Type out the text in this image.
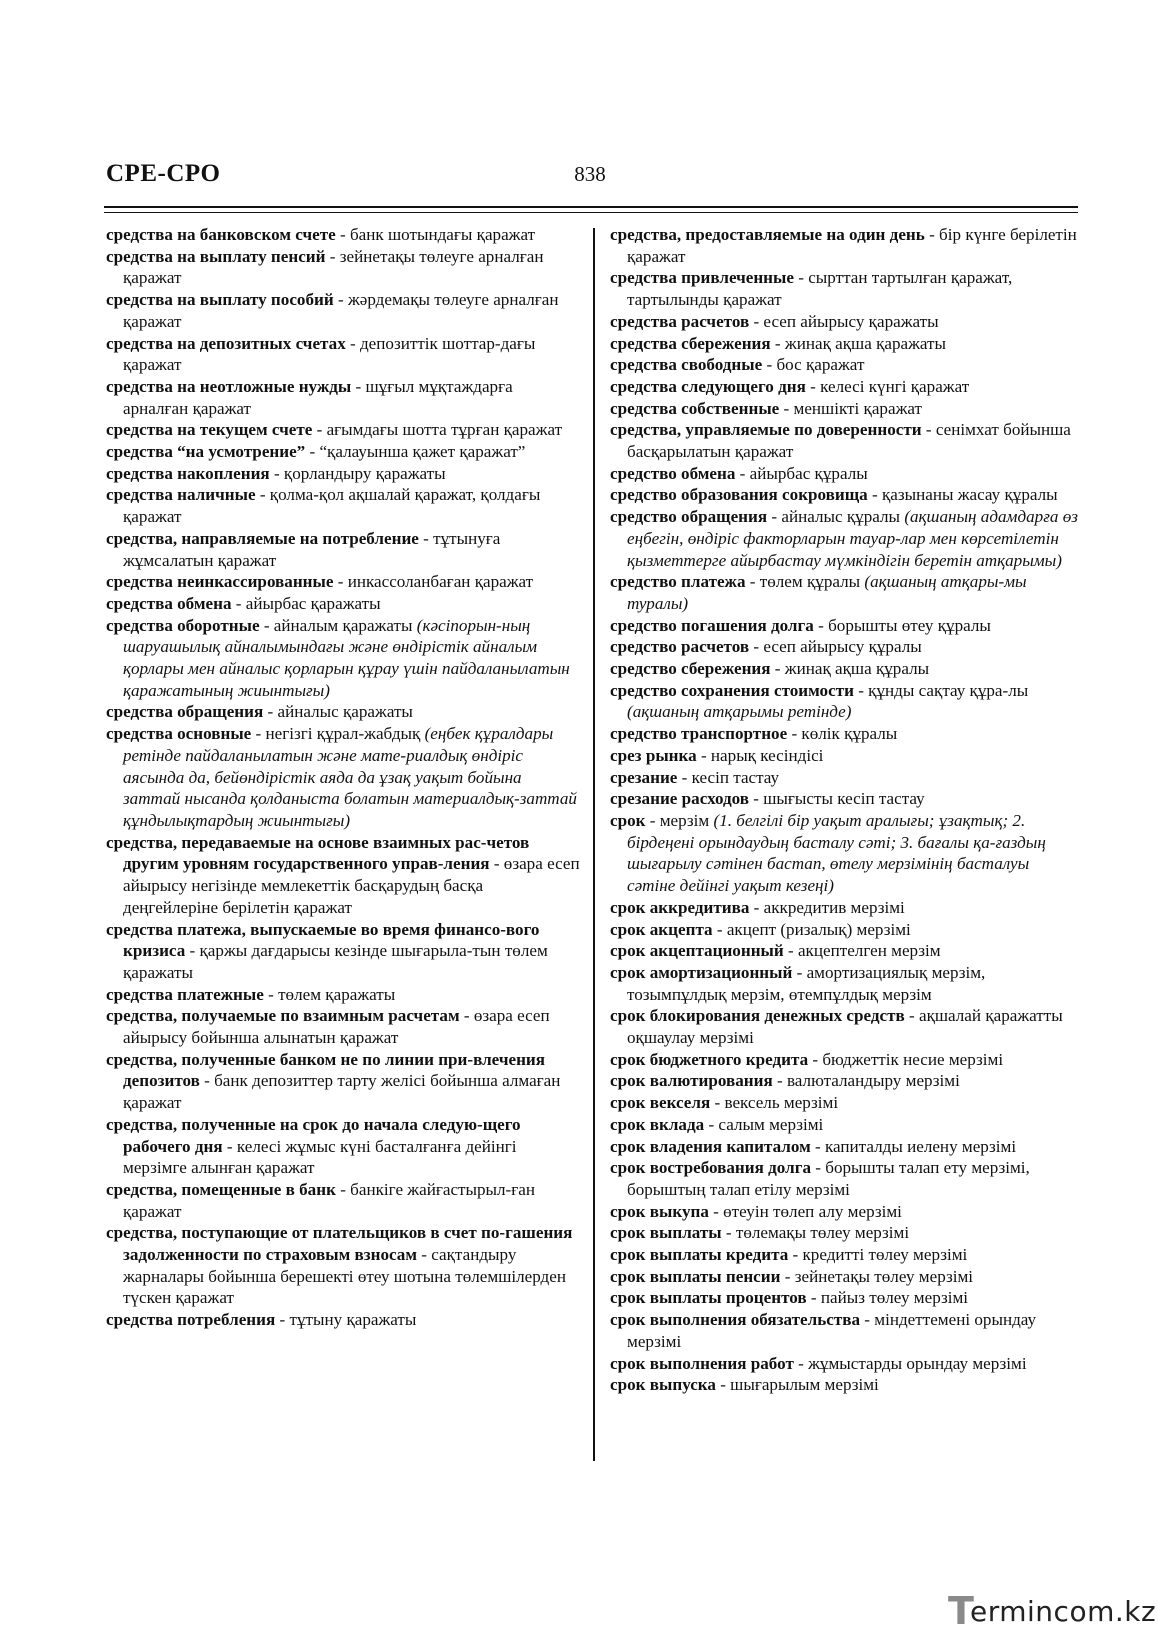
СРЕ-СРО	838
средства на банковском счете - банк шотындағы қаражат
средства на выплату пенсий - зейнетақы төлеуге арналған қаражат
средства на выплату пособий - жәрдемақы төлеуге арналған қаражат
средства на депозитных счетах - депозиттік шоттар-дағы қаражат
средства на неотложные нужды - шұғыл мұқтаждарға арналған қаражат
средства на текущем счете - ағымдағы шотта тұрған қаражат
средства “на усмотрение” - “қалауынша қажет қаражат”
средства накопления - қорландыру қаражаты
средства наличные - қолма-қол ақшалай қаражат, қолдағы қаражат
средства, направляемые на потребление - тұтынуға жұмсалатын қаражат
средства неинкассированные - инкассоланбаған қаражат
средства обмена - айырбас қаражаты
средства оборотные - айналым қаражаты (кәсіпорын-ның шаруашылық айналымындағы және өндірістік айналым қорлары мен айналыс қорларын құрау үшін пайдаланылатын қаражатының жиынтығы)
средства обращения - айналыс қаражаты
средства основные - негізгі құрал-жабдық (еңбек құралдары ретінде пайдаланылатын және мате-риалдық өндіріс аясында да, бейөндірістік аяда да ұзақ уақыт бойына заттай нысанда қолданыста болатын материалдық-заттай құндылықтардың жиынтығы)
средства, передаваемые на основе взаимных рас-четов другим уровням государственного управ-ления - өзара есеп айырысу негізінде мемлекеттік басқарудың басқа деңгейлеріне берілетін қаражат
средства платежа, выпускаемые во время финансо-вого кризиса - қаржы дағдарысы кезінде шығарыла-тын төлем қаражаты
средства платежные - төлем қаражаты
средства, получаемые по взаимным расчетам - өзара есеп айырысу бойынша алынатын қаражат
средства, полученные банком не по линии при-влечения депозитов - банк депозиттер тарту желісі бойынша алмаған қаражат
средства, полученные на срок до начала следую-щего рабочего дня - келесі жұмыс күні басталғанға дейінгі мерзімге алынған қаражат
средства, помещенные в банк - банкіге жайғастырыл-ған қаражат
средства, поступающие от плательщиков в счет по-гашения задолженности по страховым взносам - сақтандыру жарналары бойынша берешекті өтеу шотына төлемшілерден түскен қаражат
средства потребления - тұтыну қаражаты
средства, предоставляемые на один день - бір күнге берілетін қаражат
средства привлеченные - сырттан тартылған қаражат, тартылынды қаражат
средства расчетов - есеп айырысу қаражаты
средства сбережения - жинақ ақша қаражаты
средства свободные - бос қаражат
средства следующего дня - келесі күнгі қаражат
средства собственные - меншікті қаражат
средства, управляемые по доверенности - сенімхат бойынша басқарылатын қаражат
средство обмена - айырбас құралы
средство образования сокровища - қазынаны жасау құралы
средство обращения - айналыс құралы (ақшаның адамдарға өз еңбегін, өндіріс факторларын тауар-лар мен көрсетілетін қызметтерге айырбастау мүмкіндігін беретін атқарымы)
средство платежа - төлем құралы (ақшаның атқары-мы туралы)
средство погашения долга - борышты өтеу құралы
средство расчетов - есеп айырысу құралы
средство сбережения - жинақ ақша құралы
средство сохранения стоимости - құнды сақтау құра-лы (ақшаның атқарымы ретінде)
средство транспортное - көлік құралы
срез рынка - нарық кесіндісі
срезание - кесіп тастау
срезание расходов - шығысты кесіп тастау
срок - мерзім (1. белгілі бір уақыт аралығы; ұзақтық; 2. бірдеңені орындаудың басталу сәті; 3. бағалы қа-ғаздың шығарылу сәтінен бастап, өтелу мерзімінің басталуы сәтіне дейінгі уақыт кезеңі)
срок аккредитива - аккредитив мерзімі
срок акцепта - акцепт (ризалық) мерзімі
срок акцептационный - акцептелген мерзім
срок амортизационный - амортизациялық мерзім, тозымпұлдық мерзім, өтемпұлдық мерзім
срок блокирования денежных средств - ақшалай қаражатты оқшаулау мерзімі
срок бюджетного кредита - бюджеттік несие мерзімі
срок валютирования - валюталандыру мерзімі
срок векселя - вексель мерзімі
срок вклада - салым мерзімі
срок владения капиталом - капиталды иелену мерзімі
срок востребования долга - борышты талап ету мерзімі, борыштың талап етілу мерзімі
срок выкупа - өтеуін төлеп алу мерзімі
срок выплаты - төлемақы төлеу мерзімі
срок выплаты кредита - кредитті төлеу мерзімі
срок выплаты пенсии - зейнетақы төлеу мерзімі
срок выплаты процентов - пайыз төлеу мерзімі
срок выполнения обязательства - міндеттемені орындау мерзімі
срок выполнения работ - жұмыстарды орындау мерзімі
срок выпуска - шығарылым мерзімі
T
ermincom.kz
